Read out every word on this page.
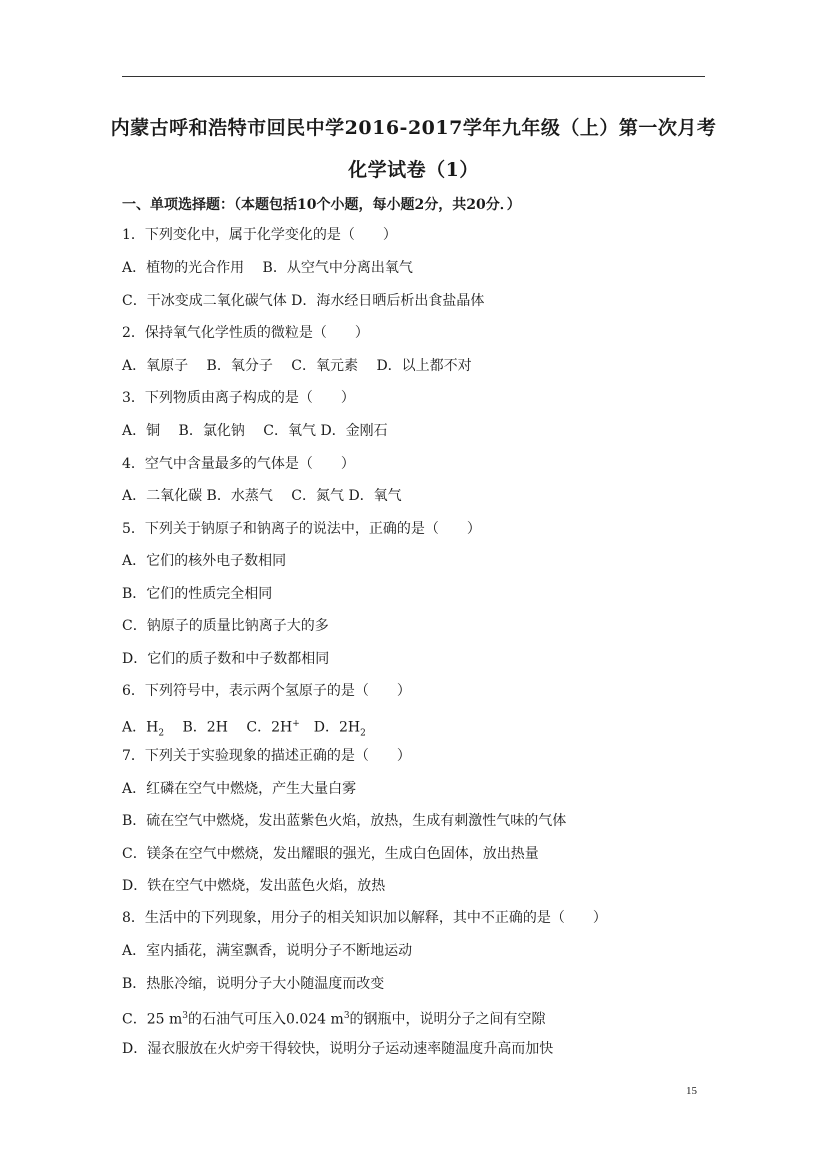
内蒙古呼和浩特市回民中学2016-2017学年九年级（上）第一次月考
化学试卷（1）
一、单项选择题：（本题包括10个小题，每小题2分，共20分．）
1．下列变化中，属于化学变化的是（　　）
A．植物的光合作用　 B．从空气中分离出氧气
C．干冰变成二氧化碳气体 D．海水经日晒后析出食盐晶体
2．保持氧气化学性质的微粒是（　　）
A．氧原子　 B．氧分子　 C．氧元素　 D．以上都不对
3．下列物质由离子构成的是（　　）
A．铜　 B．氯化钠　 C．氧气 D．金刚石
4．空气中含量最多的气体是（　　）
A．二氧化碳 B．水蒸气　 C．氮气 D．氧气
5．下列关于钠原子和钠离子的说法中，正确的是（　　）
A．它们的核外电子数相同
B．它们的性质完全相同
C．钠原子的质量比钠离子大的多
D．它们的质子数和中子数都相同
6．下列符号中，表示两个氢原子的是（　　）
A．$H_2$　 B．2H　 C．2H+　D．$2H_2$
7．下列关于实验现象的描述正确的是（　　）
A．红磷在空气中燃烧，产生大量白雾
B．硫在空气中燃烧，发出蓝紫色火焰，放热，生成有刺激性气味的气体
C．镁条在空气中燃烧，发出耀眼的强光，生成白色固体，放出热量
D．铁在空气中燃烧，发出蓝色火焰，放热
8．生活中的下列现象，用分子的相关知识加以解释，其中不正确的是（　　）
A．室内插花，满室飘香，说明分子不断地运动
B．热胀冷缩，说明分子大小随温度而改变
C．25 $m^3$的石油气可压入0.024 $m^3$的钢瓶中，说明分子之间有空隙
D．湿衣服放在火炉旁干得较快，说明分子运动速率随温度升高而加快
15
